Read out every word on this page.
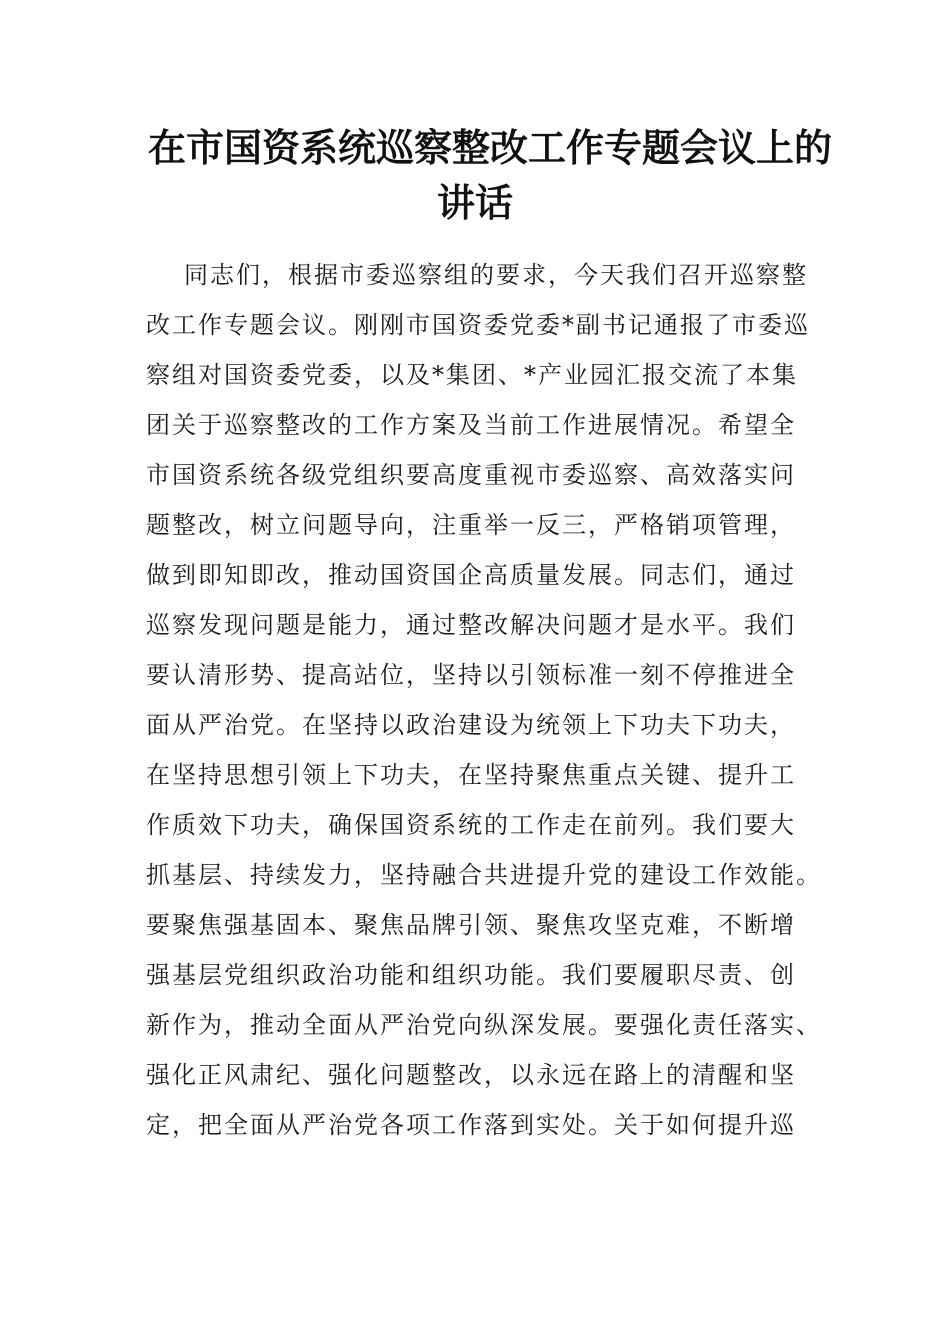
在市国资系统巡察整改工作专题会议上的
讲话
同志们，根据市委巡察组的要求，今天我们召开巡察整
改工作专题会议。刚刚市国资委党委*副书记通报了市委巡
察组对国资委党委，以及*集团、*产业园汇报交流了本集
团关于巡察整改的工作方案及当前工作进展情况。希望全
市国资系统各级党组织要高度重视市委巡察、高效落实问
题整改，树立问题导向，注重举一反三，严格销项管理，
做到即知即改，推动国资国企高质量发展。同志们，通过
巡察发现问题是能力，通过整改解决问题才是水平。我们
要认清形势、提高站位，坚持以引领标准一刻不停推进全
面从严治党。在坚持以政治建设为统领上下功夫下功夫，
在坚持思想引领上下功夫，在坚持聚焦重点关键、提升工
作质效下功夫，确保国资系统的工作走在前列。我们要大
抓基层、持续发力，坚持融合共进提升党的建设工作效能。
要聚焦强基固本、聚焦品牌引领、聚焦攻坚克难，不断增
强基层党组织政治功能和组织功能。我们要履职尽责、创
新作为，推动全面从严治党向纵深发展。要强化责任落实、
强化正风肃纪、强化问题整改，以永远在路上的清醒和坚
定，把全面从严治党各项工作落到实处。关于如何提升巡
